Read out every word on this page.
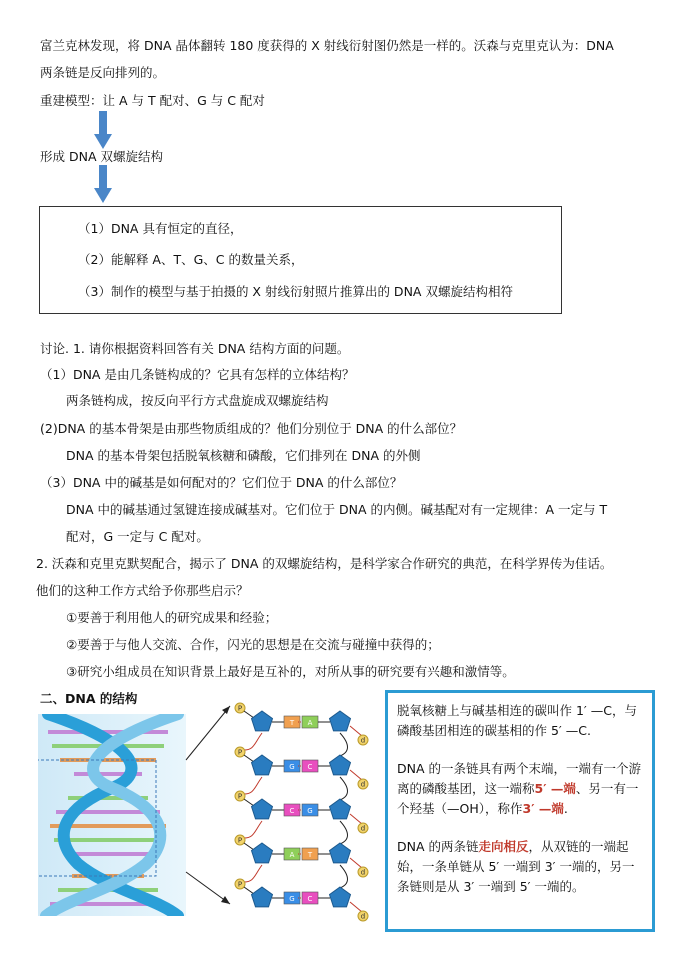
富兰克林发现，将 DNA 晶体翻转 180 度获得的 X 射线衍射图仍然是一样的。沃森与克里克认为：DNA
两条链是反向排列的。
重建模型：让 A 与 T 配对、G 与 C 配对
形成 DNA 双螺旋结构
（1）DNA 具有恒定的直径，
（2）能解释 A、T、G、C 的数量关系，
（3）制作的模型与基于拍摄的 X 射线衍射照片推算出的 DNA 双螺旋结构相符
讨论. 1. 请你根据资料回答有关 DNA 结构方面的问题。
（1）DNA 是由几条链构成的？它具有怎样的立体结构？
两条链构成，按反向平行方式盘旋成双螺旋结构
(2)DNA 的基本骨架是由那些物质组成的？他们分别位于 DNA 的什么部位？
DNA 的基本骨架包括脱氧核糖和磷酸，它们排列在 DNA 的外侧
（3）DNA 中的碱基是如何配对的？它们位于 DNA 的什么部位？
DNA 中的碱基通过氢键连接成碱基对。它们位于 DNA 的内侧。碱基配对有一定规律：A 一定与 T
配对，G 一定与 C 配对。
2. 沃森和克里克默契配合，揭示了 DNA 的双螺旋结构，是科学家合作研究的典范，在科学界传为佳话。
他们的这种工作方式给予你那些启示？
①要善于利用他人的研究成果和经验；
②要善于与他人交流、合作，闪光的思想是在交流与碰撞中获得的；
③研究小组成员在知识背景上最好是互补的，对所从事的研究要有兴趣和激情等。
二、DNA 的结构
P
T A
d
P
G C
d
P
C G
d
P
A T
d
P
G C
d

脱氧核糖上与碱基相连的碳叫作 1′ —C，与磷酸基团相连的碳基相的作 5′ —C.

DNA 的一条链具有两个末端，一端有一个游离的磷酸基团，这一端称5′ —端、另一有一个羟基（—OH），称作3′ —端.

DNA 的两条链走向相反，从双链的一端起始，一条单链从 5′ 一端到 3′ 一端的，另一条链则是从 3′ 一端到 5′ 一端的。
